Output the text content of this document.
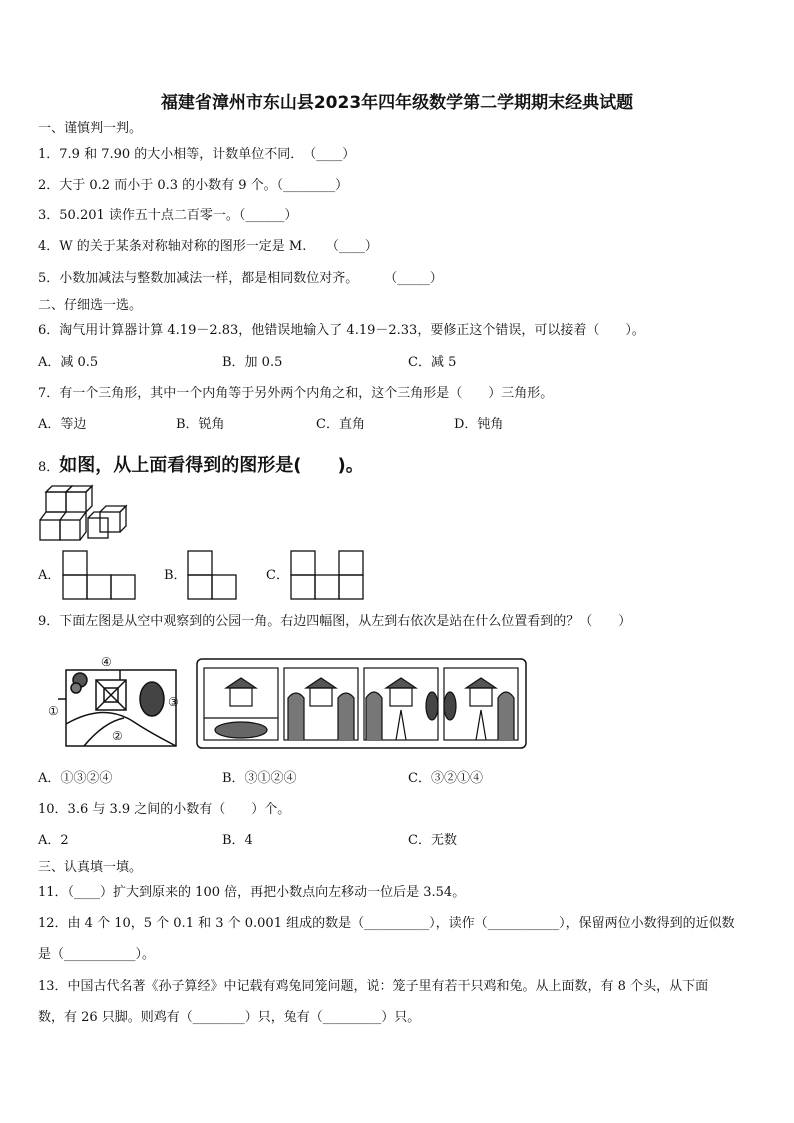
福建省漳州市东山县2023年四年级数学第二学期期末经典试题
一、谨慎判一判。
1．7.9 和 7.90 的大小相等，计数单位不同．　（____）
2．大于 0.2 而小于 0.3 的小数有 9 个。（________）
3．50.201 读作五十点二百零一。（______）
4．W 的关于某条对称轴对称的图形一定是 M.　　（____）
5．小数加减法与整数加减法一样，都是相同数位对齐。　　　（_____）
二、仔细选一选。
6．淘气用计算器计算 4.19－2.83，他错误地输入了 4.19－2.33，要修正这个错误，可以接着（　　）。
A．减 0.5	B．加 0.5	C．减 5
7．有一个三角形，其中一个内角等于另外两个内角之和，这个三角形是（　　）三角形。
A．等边	B．锐角	C．直角	D．钝角
8．如图，从上面看得到的图形是(　　)。
A．	B．	C．
9．下面左图是从空中观察到的公园一角。右边四幅图，从左到右依次是站在什么位置看到的？（　　）
④
①
②
③
A．①③②④	B．③①②④	C．③②①④
10．3.6 与 3.9 之间的小数有（　　）个。
A．2	B．4	C．无数
三、认真填一填。
11．（____）扩大到原来的 100 倍，再把小数点向左移动一位后是 3.54。
12．由 4 个 10，5 个 0.1 和 3 个 0.001 组成的数是（__________），读作（___________），保留两位小数得到的近似数
是（___________）。
13．中国古代名著《孙子算经》中记载有鸡兔同笼问题，说：笼子里有若干只鸡和兔。从上面数，有 8 个头，从下面
数，有 26 只脚。则鸡有（________）只，兔有（_________）只。
